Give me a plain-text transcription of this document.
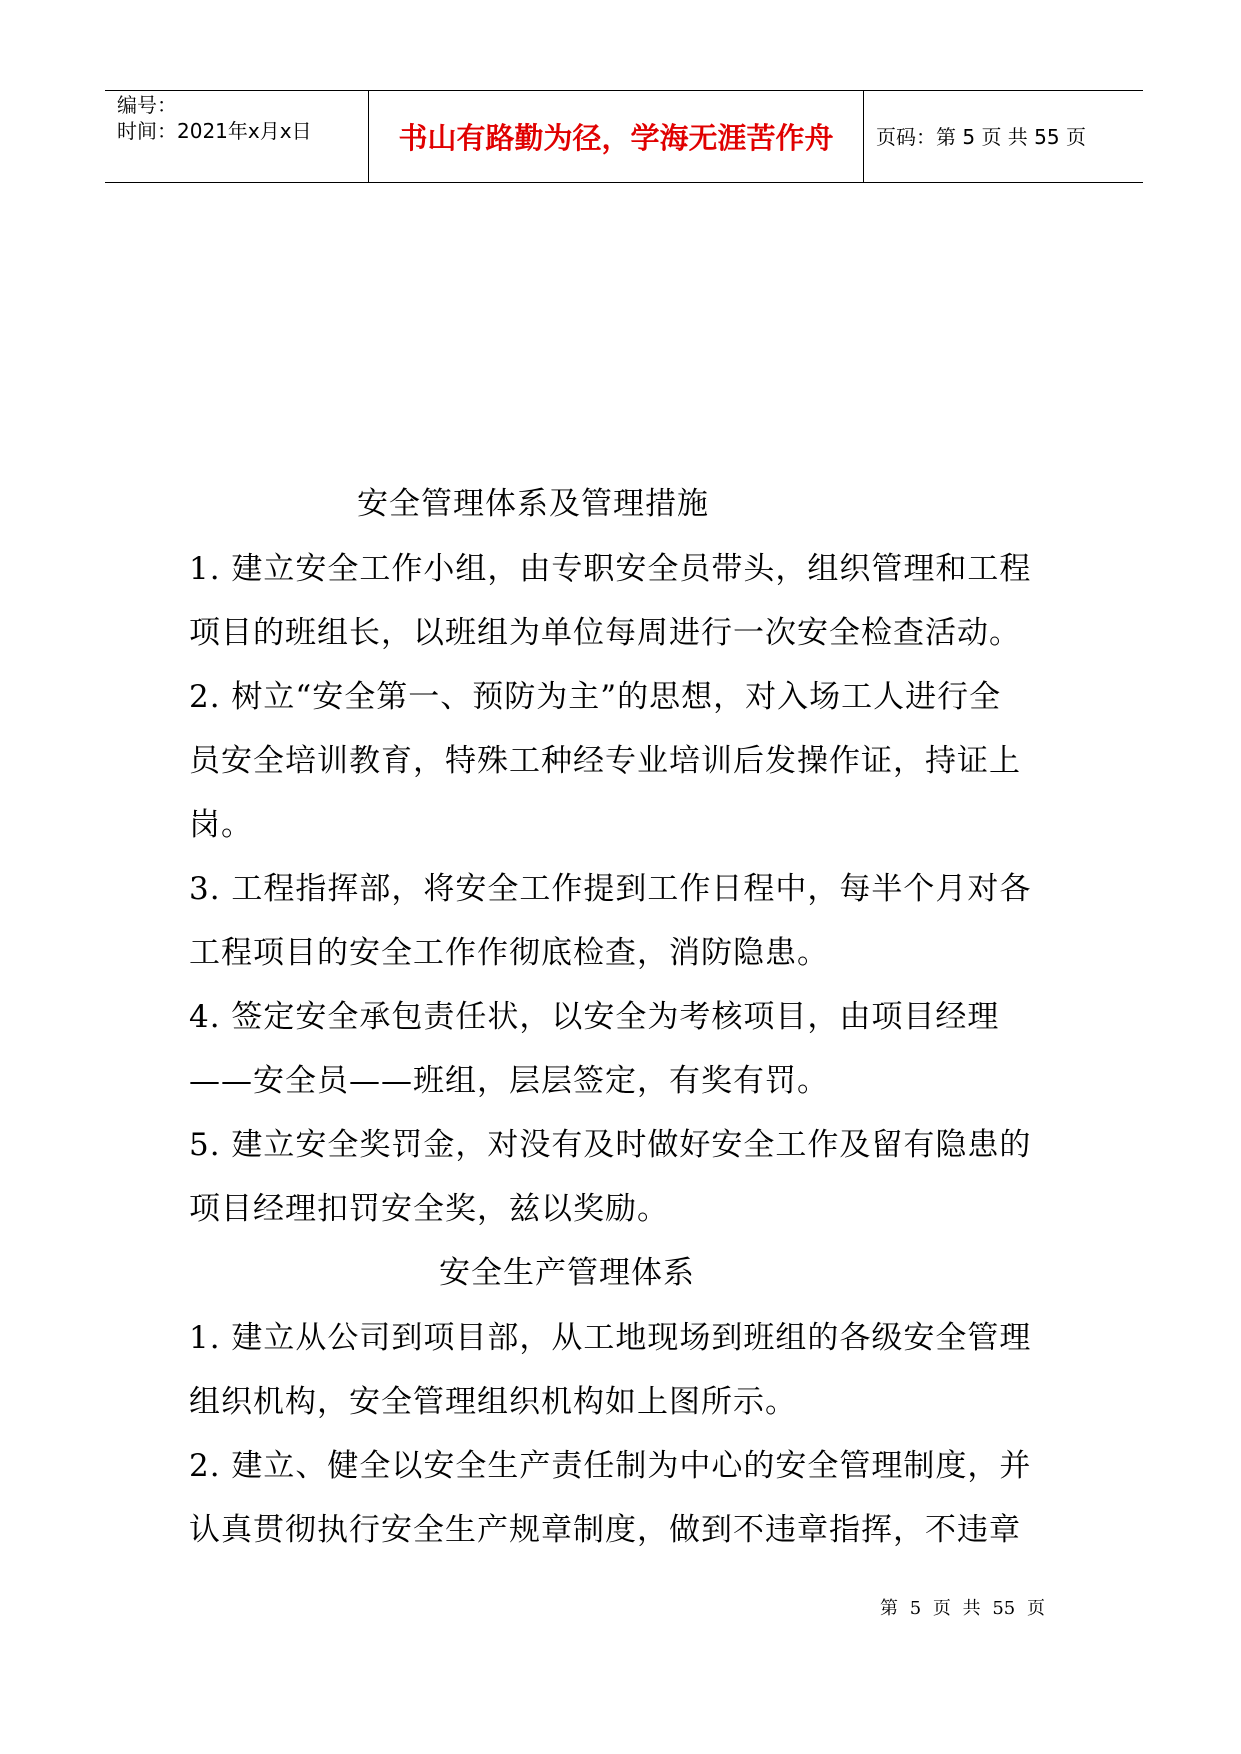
编号：
时间：2021年x月x日	书山有路勤为径，学海无涯苦作舟	页码：第 5 页 共 55 页
安全管理体系及管理措施
1. 建立安全工作小组，由专职安全员带头，组织管理和工程
项目的班组长，以班组为单位每周进行一次安全检查活动。
2. 树立“安全第一、预防为主”的思想，对入场工人进行全
员安全培训教育，特殊工种经专业培训后发操作证，持证上
岗。
3. 工程指挥部，将安全工作提到工作日程中，每半个月对各
工程项目的安全工作作彻底检查，消防隐患。
4. 签定安全承包责任状，以安全为考核项目，由项目经理
——安全员——班组，层层签定，有奖有罚。
5. 建立安全奖罚金，对没有及时做好安全工作及留有隐患的
项目经理扣罚安全奖，兹以奖励。
安全生产管理体系
1. 建立从公司到项目部，从工地现场到班组的各级安全管理
组织机构，安全管理组织机构如上图所示。
2. 建立、健全以安全生产责任制为中心的安全管理制度，并
认真贯彻执行安全生产规章制度，做到不违章指挥，不违章
第 5 页 共 55 页
